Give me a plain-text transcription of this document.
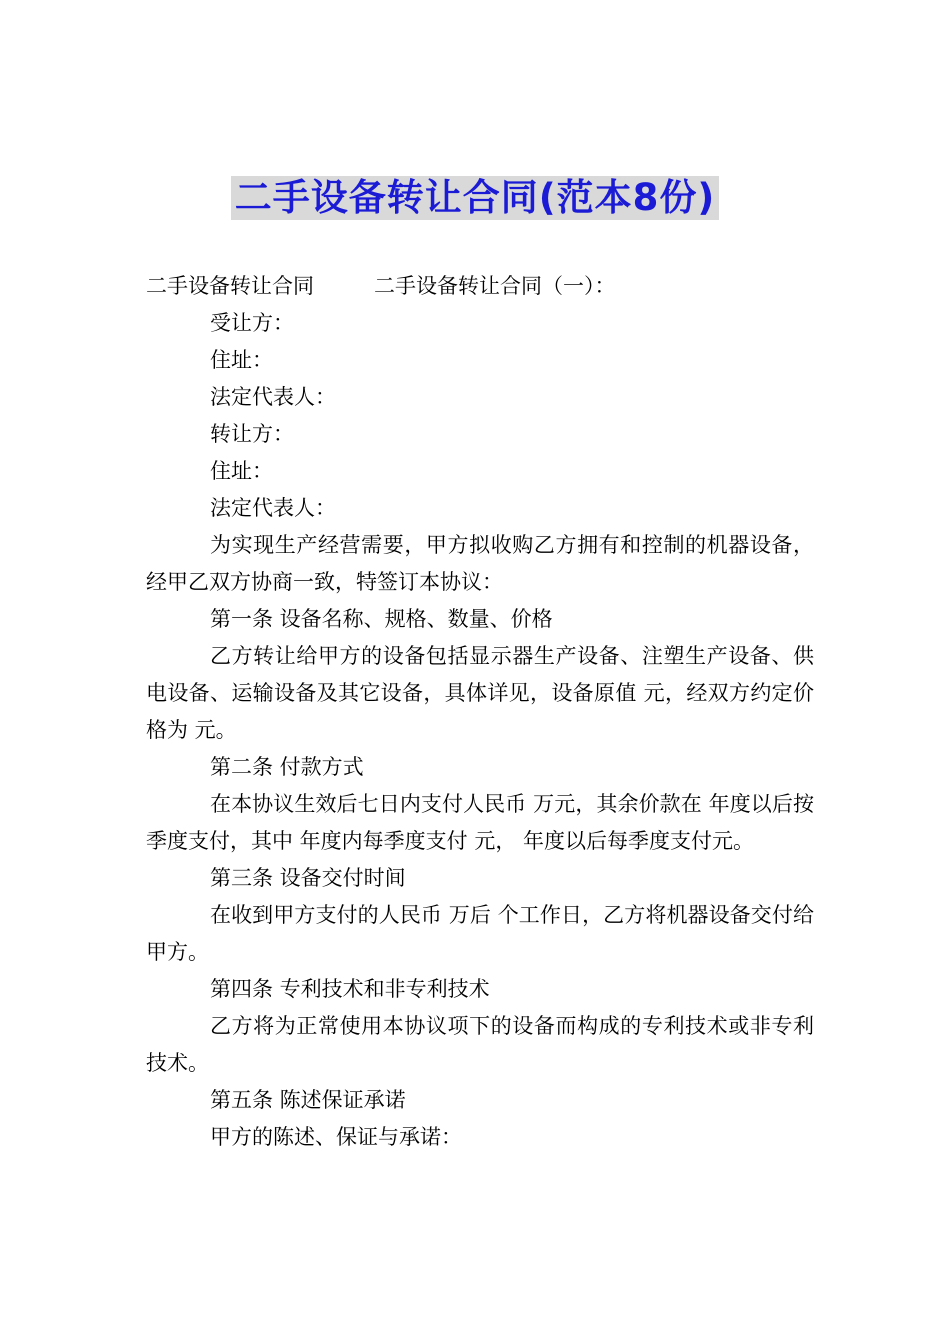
二手设备转让合同(范本8份)
二手设备转让合同	二手设备转让合同（一）：
受让方：
住址：
法定代表人：
转让方：
住址：
法定代表人：
为实现生产经营需要，甲方拟收购乙方拥有和控制的机器设备，经甲乙双方协商一致，特签订本协议：
第一条 设备名称、规格、数量、价格
乙方转让给甲方的设备包括显示器生产设备、注塑生产设备、供电设备、运输设备及其它设备，具体详见，设备原值 元，经双方约定价格为 元。
第二条 付款方式
在本协议生效后七日内支付人民币 万元，其余价款在 年度以后按季度支付，其中 年度内每季度支付 元， 年度以后每季度支付元。
第三条 设备交付时间
在收到甲方支付的人民币 万后 个工作日，乙方将机器设备交付给甲方。
第四条 专利技术和非专利技术
乙方将为正常使用本协议项下的设备而构成的专利技术或非专利技术。
第五条 陈述保证承诺
甲方的陈述、保证与承诺：
